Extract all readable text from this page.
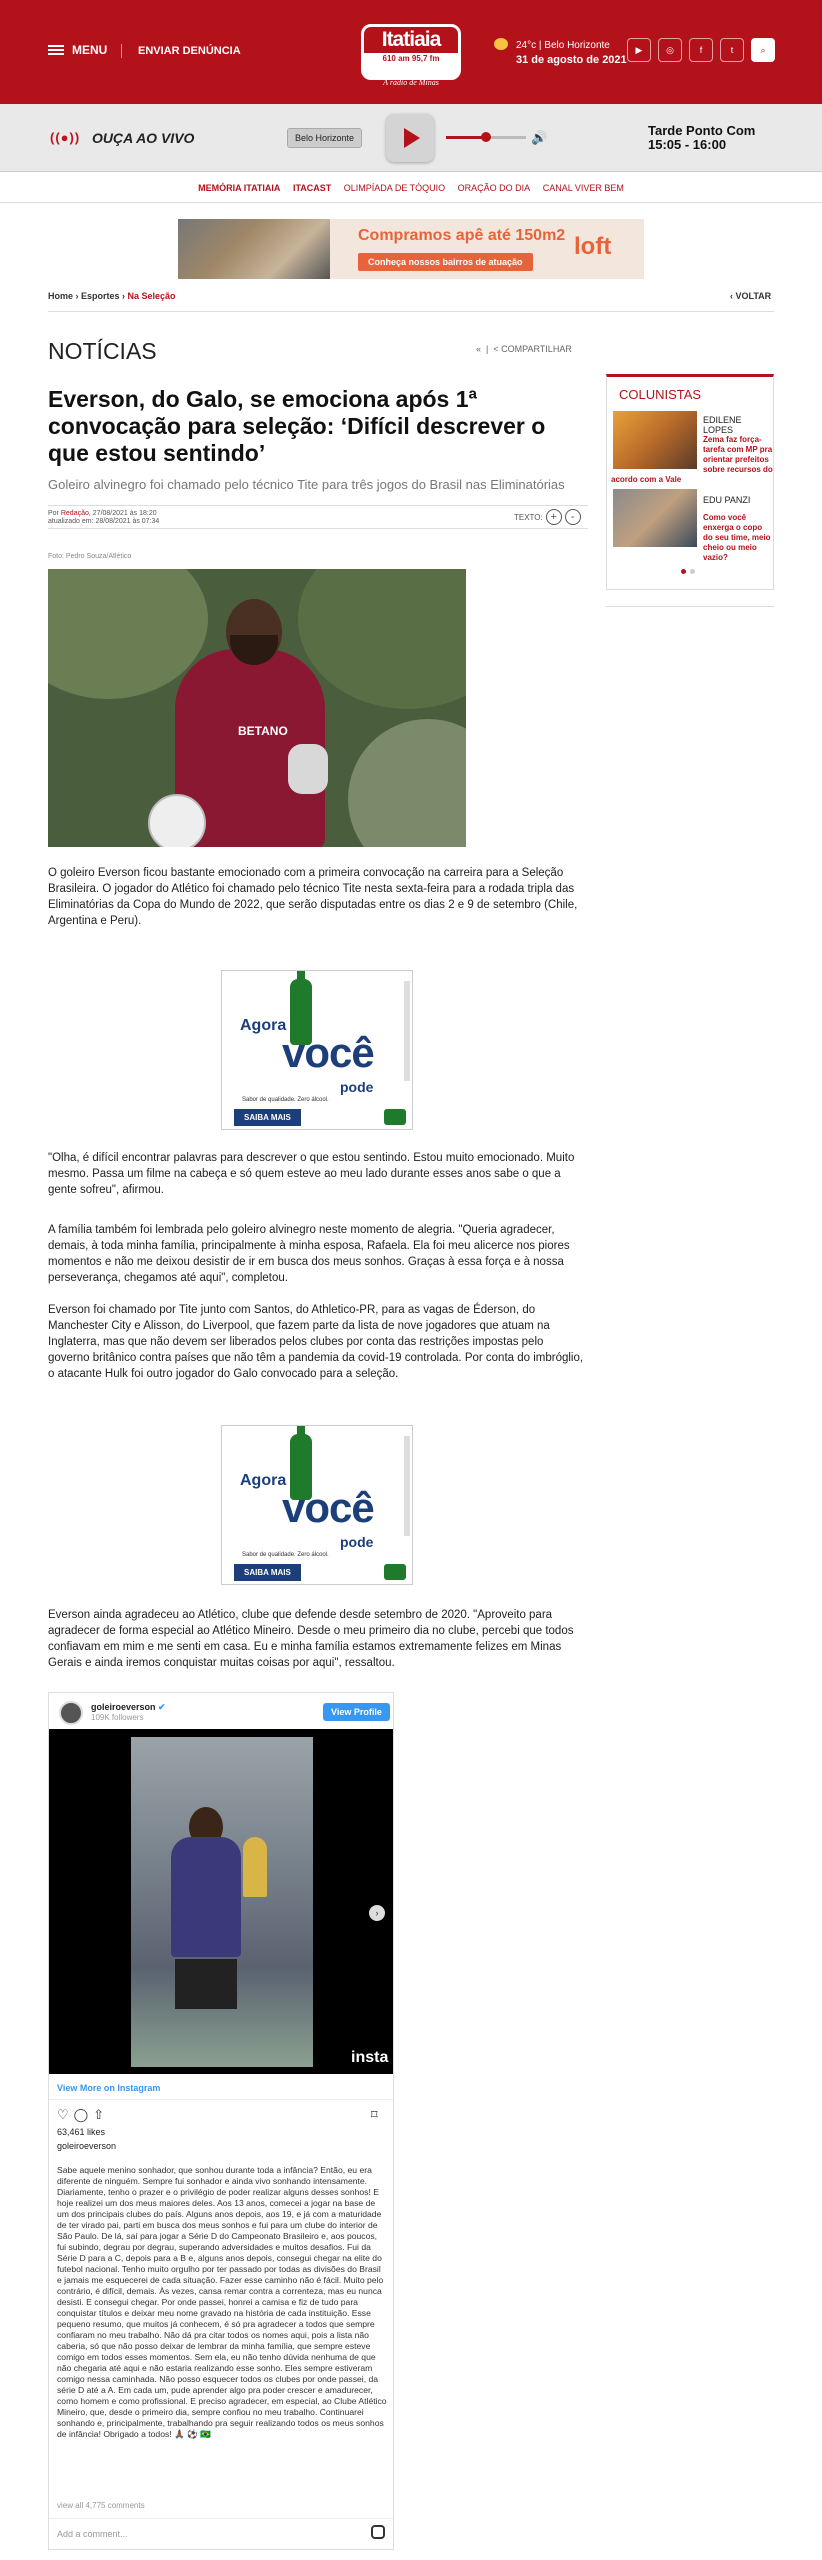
MENU	ENVIAR DENÚNCIA	Itatiaia
610 am 95,7 fm
A rádio de Minas
24°c | Belo Horizonte
31 de agosto de 2021
▶	◎	f	t	⌕
((●)) OUÇA AO VIVO	Belo Horizonte	🔊	Tarde Ponto Com
15:05 - 16:00
MEMÓRIA ITATIAIA ITACAST OLIMPÍADA DE TÓQUIO ORAÇÃO DO DIA CANAL VIVER BEM
Compramos apê até 150m2
Conheça nossos bairros de atuação
loft
Home › Esportes › Na Seleção	‹ VOLTAR
NOTÍCIAS	«  |  < COMPARTILHAR
Everson, do Galo, se emociona após 1ª convocação para seleção: ‘Difícil descrever o que estou sentindo’
Goleiro alvinegro foi chamado pelo técnico Tite para três jogos do Brasil nas Eliminatórias
Por Redação, 27/08/2021 às 18:20
atualizado em: 28/08/2021 às 07:34	TEXTO: +	-
Foto: Pedro Souza/Atlético
BETANO

O goleiro Everson ficou bastante emocionado com a primeira convocação na carreira para a Seleção Brasileira. O jogador do Atlético foi chamado pelo técnico Tite nesta sexta-feira para a rodada tripla das Eliminatórias da Copa do Mundo de 2022, que serão disputadas entre os dias 2 e 9 de setembro (Chile, Argentina e Peru).

Agora
você
pode
Sabor de qualidade. Zero álcool.
SAIBA MAIS

"Olha, é difícil encontrar palavras para descrever o que estou sentindo. Estou muito emocionado. Muito mesmo. Passa um filme na cabeça e só quem esteve ao meu lado durante esses anos sabe o que a gente sofreu", afirmou.

A família também foi lembrada pelo goleiro alvinegro neste momento de alegria. "Queria agradecer, demais, à toda minha família, principalmente à minha esposa, Rafaela. Ela foi meu alicerce nos piores momentos e não me deixou desistir de ir em busca dos meus sonhos. Graças à essa força e à nossa perseverança, chegamos até aqui", completou.

Everson foi chamado por Tite junto com Santos, do Athletico-PR, para as vagas de Éderson, do Manchester City e Alisson, do Liverpool, que fazem parte da lista de nove jogadores que atuam na Inglaterra, mas que não devem ser liberados pelos clubes por conta das restrições impostas pelo governo britânico contra países que não têm a pandemia da covid-19 controlada. Por conta do imbróglio, o atacante Hulk foi outro jogador do Galo convocado para a seleção.

Agora
você
pode
Sabor de qualidade. Zero álcool.
SAIBA MAIS

Everson ainda agradeceu ao Atlético, clube que defende desde setembro de 2020. "Aproveito para agradecer de forma especial ao Atlético Mineiro. Desde o meu primeiro dia no clube, percebi que todos confiavam em mim e me senti em casa. Eu e minha família estamos extremamente felizes em Minas Gerais e ainda iremos conquistar muitas coisas por aqui", ressaltou.

goleiroeverson ✔
109K followers
View Profile
›
insta
View More on Instagram
♡◯⇧	⌑
63,461 likes
goleiroeverson
Sabe aquele menino sonhador, que sonhou durante toda a infância? Então, eu era diferente de ninguém. Sempre fui sonhador e ainda vivo sonhando intensamente. Diariamente, tenho o prazer e o privilégio de poder realizar alguns desses sonhos! E hoje realizei um dos meus maiores deles. Aos 13 anos, comecei a jogar na base de um dos principais clubes do país. Alguns anos depois, aos 19, e já com a maturidade de ter virado pai, parti em busca dos meus sonhos e fui para um clube do interior de São Paulo. De lá, saí para jogar a Série D do Campeonato Brasileiro e, aos poucos, fui subindo, degrau por degrau, superando adversidades e muitos desafios. Fui da Série D para a C, depois para a B e, alguns anos depois, consegui chegar na elite do futebol nacional. Tenho muito orgulho por ter passado por todas as divisões do Brasil e jamais me esquecerei de cada situação. Fazer esse caminho não é fácil. Muito pelo contrário, é difícil, demais. Às vezes, cansa remar contra a correnteza, mas eu nunca desisti. E consegui chegar. Por onde passei, honrei a camisa e fiz de tudo para conquistar títulos e deixar meu nome gravado na história de cada instituição. Esse pequeno resumo, que muitos já conhecem, é só pra agradecer a todos que sempre confiaram no meu trabalho. Não dá pra citar todos os nomes aqui, pois a lista não caberia, só que não posso deixar de lembrar da minha família, que sempre esteve comigo em todos esses momentos. Sem ela, eu não tenho dúvida nenhuma de que não chegaria até aqui e não estaria realizando esse sonho. Eles sempre estiveram comigo nessa caminhada. Não posso esquecer todos os clubes por onde passei, da série D até a A. Em cada um, pude aprender algo pra poder crescer e amadurecer, como homem e como profissional. E preciso agradecer, em especial, ao Clube Atlético Mineiro, que, desde o primeiro dia, sempre confiou no meu trabalho. Continuarei sonhando e, principalmente, trabalhando pra seguir realizando todos os meus sonhos de infância! Obrigado a todos! 🙏🏾 ⚽️ 🇧🇷
view all 4,775 comments
Add a comment...
COLUNISTAS
EDILENE LOPES
Zema faz força-tarefa com MP pra orientar prefeitos sobre recursos do
acordo com a Vale
EDU PANZI
Como você enxerga o copo do seu time, meio cheio ou meio vazio?
